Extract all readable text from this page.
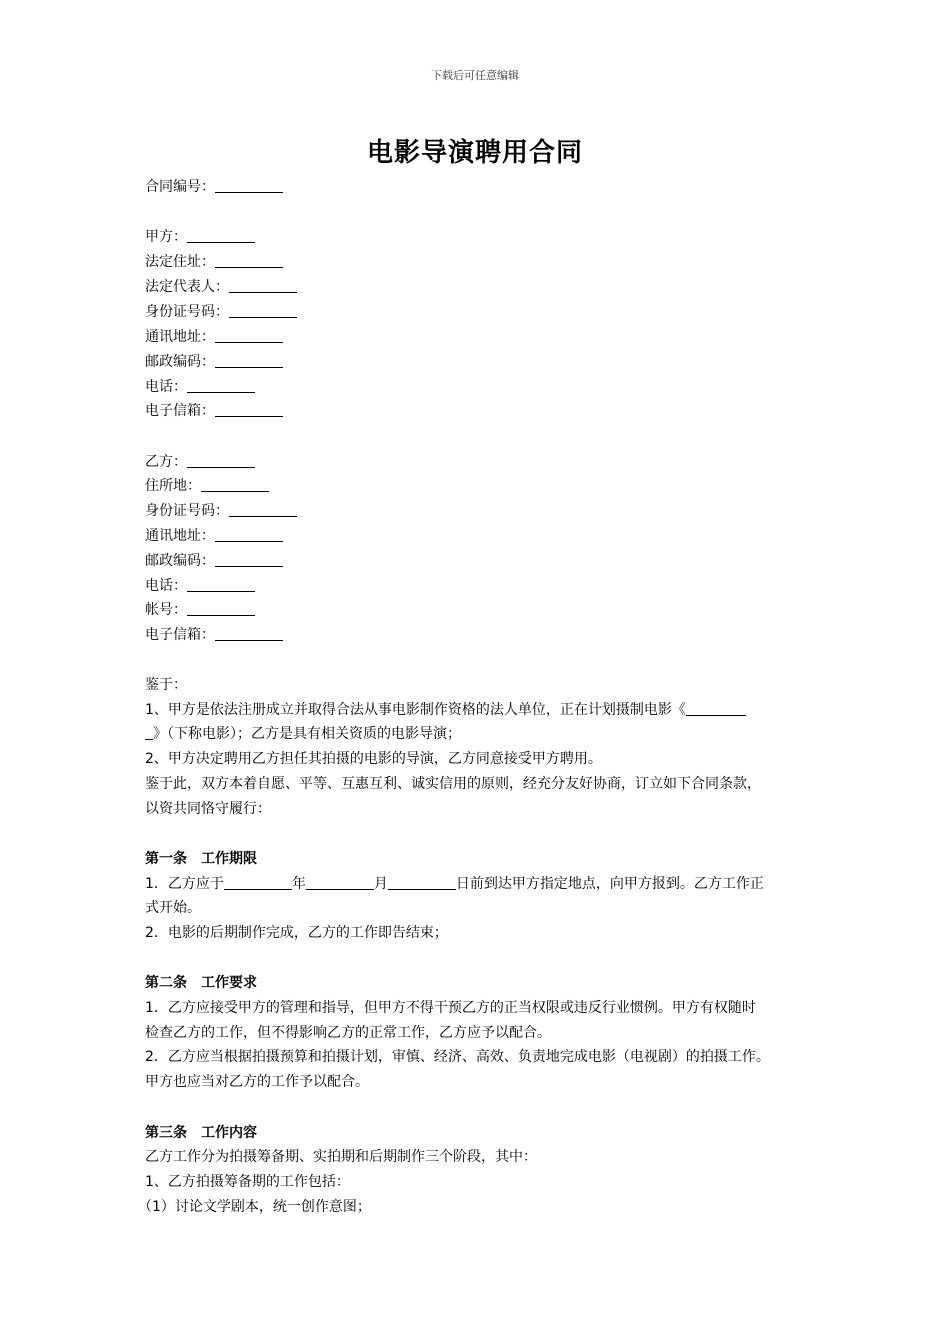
下载后可任意编辑
电影导演聘用合同
合同编号：
甲方：
法定住址：
法定代表人：
身份证号码：
通讯地址：
邮政编码：
电话：
电子信箱：
乙方：
住所地：
身份证号码：
通讯地址：
邮政编码：
电话：
帐号：
电子信箱：
鉴于：
1、甲方是依法注册成立并取得合法从事电影制作资格的法人单位，正在计划摄制电影《
》（下称电影）；乙方是具有相关资质的电影导演；
2、甲方决定聘用乙方担任其拍摄的电影的导演，乙方同意接受甲方聘用。
鉴于此，双方本着自愿、平等、互惠互利、诚实信用的原则，经充分友好协商，订立如下合同条款，
以资共同恪守履行：
第一条　工作期限
1．乙方应于	年	月	日前到达甲方指定地点，向甲方报到。乙方工作正
式开始。
2．电影的后期制作完成，乙方的工作即告结束；
第二条　工作要求
1．乙方应接受甲方的管理和指导，但甲方不得干预乙方的正当权限或违反行业惯例。甲方有权随时
检查乙方的工作，但不得影响乙方的正常工作，乙方应予以配合。
2．乙方应当根据拍摄预算和拍摄计划，审慎、经济、高效、负责地完成电影（电视剧）的拍摄工作。
甲方也应当对乙方的工作予以配合。
第三条　工作内容
乙方工作分为拍摄筹备期、实拍期和后期制作三个阶段，其中：
1、乙方拍摄筹备期的工作包括：
（1）讨论文学剧本，统一创作意图；
